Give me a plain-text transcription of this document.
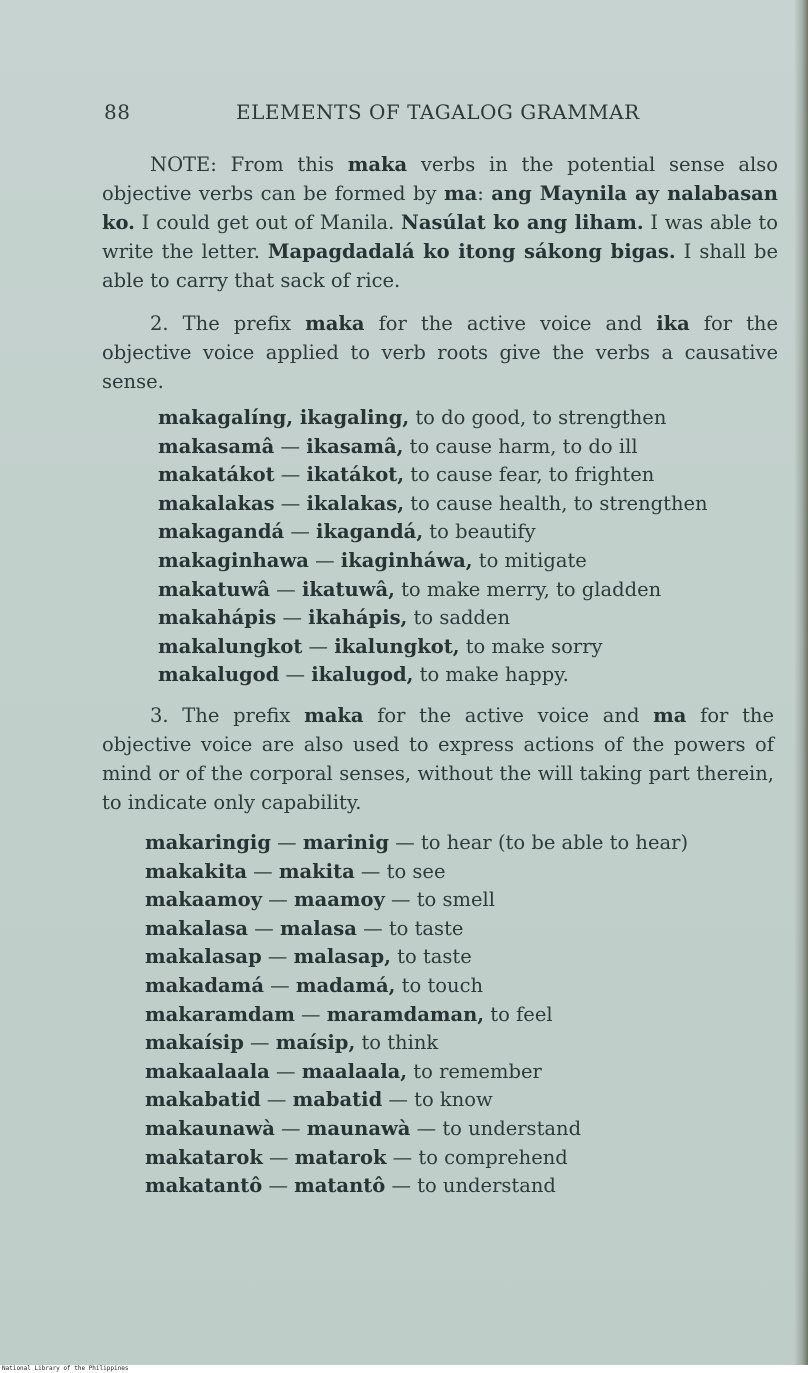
88	ELEMENTS OF TAGALOG GRAMMAR
NOTE: From this maka verbs in the potential sense also objective verbs can be formed by ma: ang Maynila ay nalabasan ko. I could get out of Manila. Nasúlat ko ang liham. I was able to write the letter. Mapagdadalá ko itong sákong bigas. I shall be able to carry that sack of rice.
2. The prefix maka for the active voice and ika for the objective voice applied to verb roots give the verbs a causative sense.
makagalíng, ikagaling, to do good, to strengthen
makasamâ — ikasamâ, to cause harm, to do ill
makatákot — ikatákot, to cause fear, to frighten
makalakas — ikalakas, to cause health, to strengthen
makagandá — ikagandá, to beautify
makaginhawa — ikaginháwa, to mitigate
makatuwâ — ikatuwâ, to make merry, to gladden
makahápis — ikahápis, to sadden
makalungkot — ikalungkot, to make sorry
makalugod — ikalugod, to make happy.
3. The prefix maka for the active voice and ma for the objective voice are also used to express actions of the powers of mind or of the corporal senses, without the will taking part therein, to indicate only capability.
makaringig — marinig — to hear (to be able to hear)
makakita — makita — to see
makaamoy — maamoy — to smell
makalasa — malasa — to taste
makalasap — malasap, to taste
makadamá — madamá, to touch
makaramdam — maramdaman, to feel
makaísip — maísip, to think
makaalaala — maalaala, to remember
makabatid — mabatid — to know
makaunawà — maunawà — to understand
makatarok — matarok — to comprehend
makatantô — matantô — to understand
National Library of the Philippines
